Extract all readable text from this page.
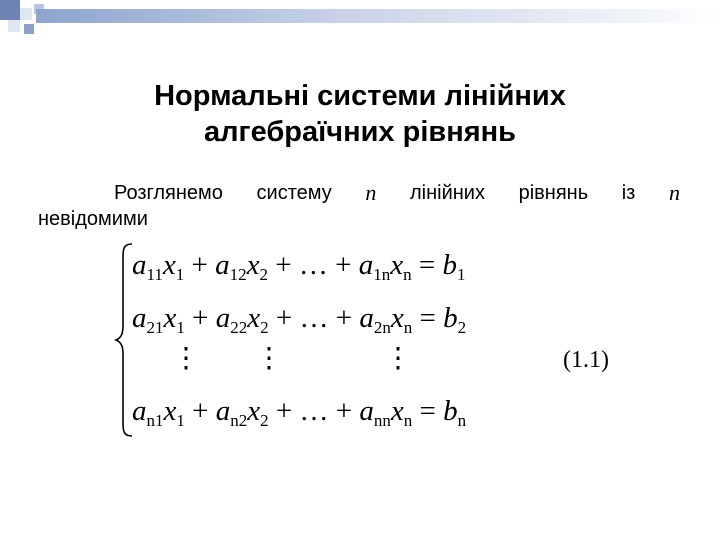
Нормальні системи лінійних
алгебраїчних рівнянь
Розглянемо систему n лінійних рівнянь із n
невідомими
$a_{11}x_1 + a_{12}x_2$ + … + $a_{1n}x_n = b_1$
$a_{21}x_1 + a_{22}x_2$ + … + $a_{2n}x_n = b_2$
⋮ ⋮	⋮
$a_{n1}x_1 + a_{n2}x_2$ + … + $a_{nn}x_n = b_n$
(1.1)
